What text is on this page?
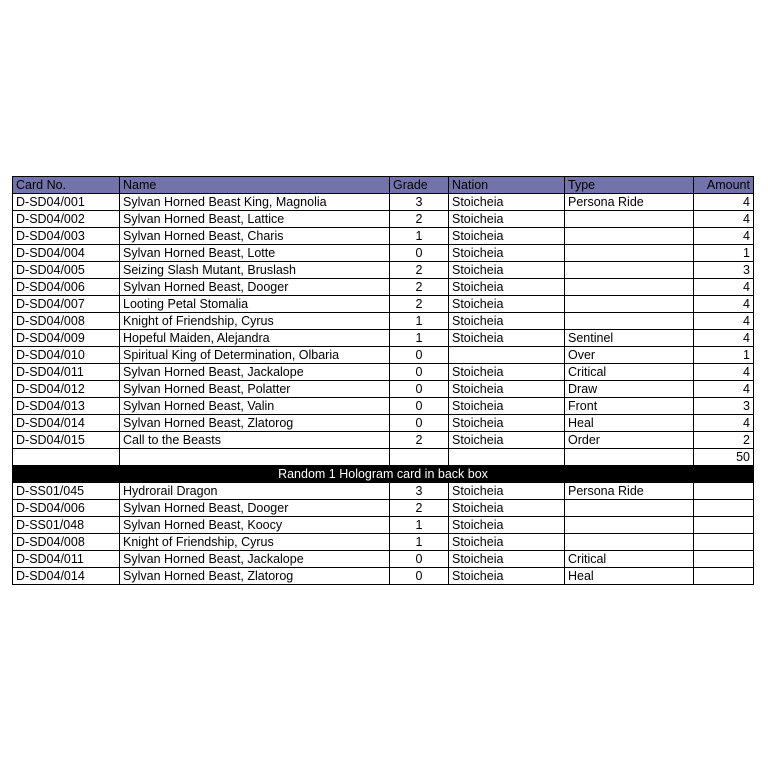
Card No.	Name	Grade	Nation	Type	Amount
D-SD04/001	Sylvan Horned Beast King, Magnolia	3	Stoicheia	Persona Ride	4
D-SD04/002	Sylvan Horned Beast, Lattice	2	Stoicheia		4
D-SD04/003	Sylvan Horned Beast, Charis	1	Stoicheia		4
D-SD04/004	Sylvan Horned Beast, Lotte	0	Stoicheia		1
D-SD04/005	Seizing Slash Mutant, Bruslash	2	Stoicheia		3
D-SD04/006	Sylvan Horned Beast, Dooger	2	Stoicheia		4
D-SD04/007	Looting Petal Stomalia	2	Stoicheia		4
D-SD04/008	Knight of Friendship, Cyrus	1	Stoicheia		4
D-SD04/009	Hopeful Maiden, Alejandra	1	Stoicheia	Sentinel	4
D-SD04/010	Spiritual King of Determination, Olbaria	0		Over	1
D-SD04/011	Sylvan Horned Beast, Jackalope	0	Stoicheia	Critical	4
D-SD04/012	Sylvan Horned Beast, Polatter	0	Stoicheia	Draw	4
D-SD04/013	Sylvan Horned Beast, Valin	0	Stoicheia	Front	3
D-SD04/014	Sylvan Horned Beast, Zlatorog	0	Stoicheia	Heal	4
D-SD04/015	Call to the Beasts	2	Stoicheia	Order	2
					50
Random 1 Hologram card in back box					
D-SS01/045	Hydrorail Dragon	3	Stoicheia	Persona Ride	
D-SD04/006	Sylvan Horned Beast, Dooger	2	Stoicheia		
D-SS01/048	Sylvan Horned Beast, Koocy	1	Stoicheia		
D-SD04/008	Knight of Friendship, Cyrus	1	Stoicheia		
D-SD04/011	Sylvan Horned Beast, Jackalope	0	Stoicheia	Critical	
D-SD04/014	Sylvan Horned Beast, Zlatorog	0	Stoicheia	Heal	
